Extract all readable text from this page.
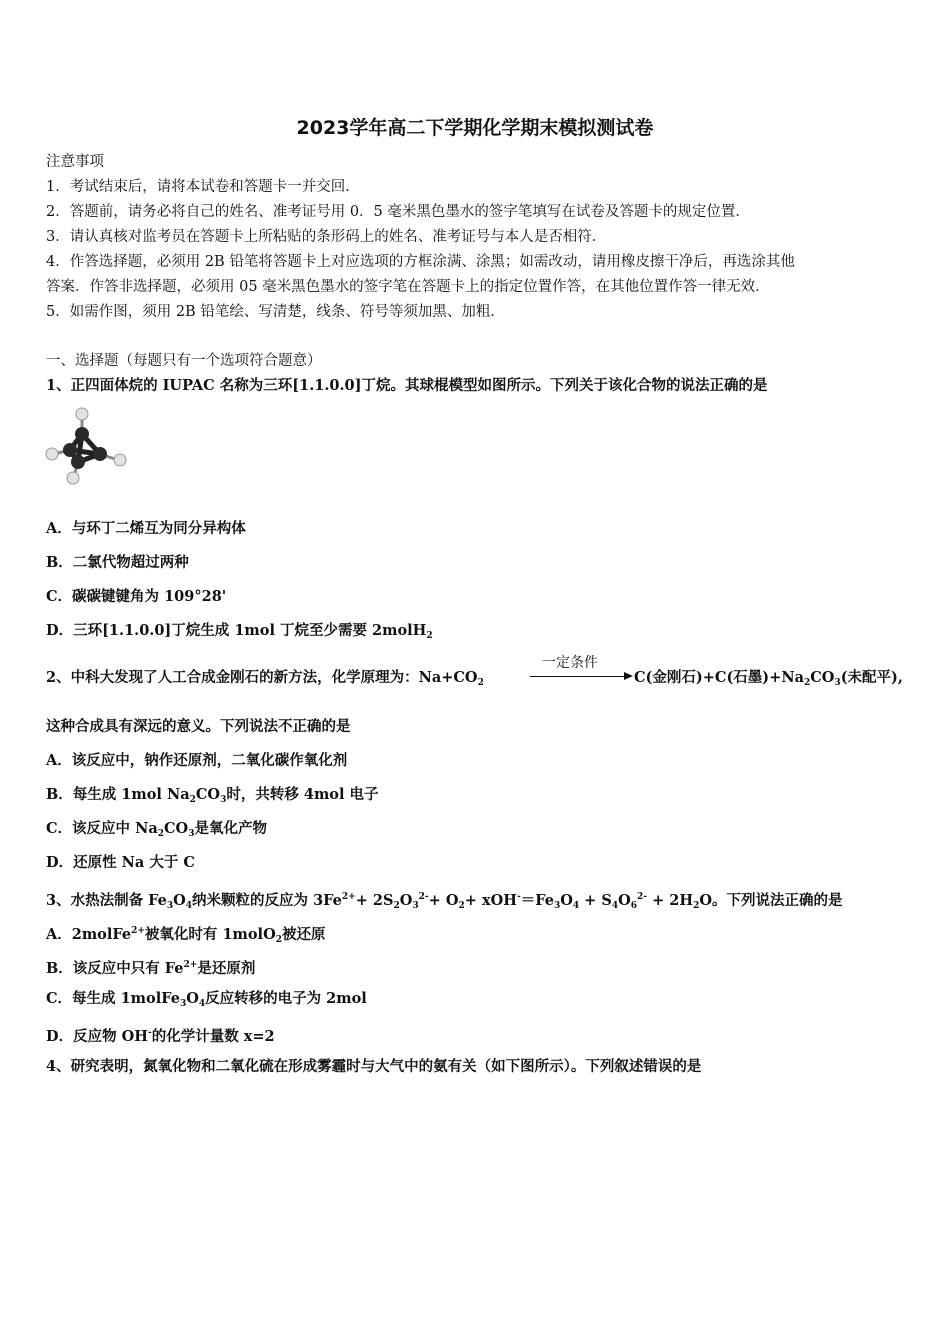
2023学年高二下学期化学期末模拟测试卷
注意事项
1．考试结束后，请将本试卷和答题卡一并交回．
2．答题前，请务必将自己的姓名、准考证号用 0．5 毫米黑色墨水的签字笔填写在试卷及答题卡的规定位置．
3．请认真核对监考员在答题卡上所粘贴的条形码上的姓名、准考证号与本人是否相符．
4．作答选择题，必须用 2B 铅笔将答题卡上对应选项的方框涂满、涂黑；如需改动，请用橡皮擦干净后，再选涂其他
答案．作答非选择题，必须用 05 毫米黑色墨水的签字笔在答题卡上的指定位置作答，在其他位置作答一律无效．
5．如需作图，须用 2B 铅笔绘、写清楚，线条、符号等须加黑、加粗．
一、选择题（每题只有一个选项符合题意）
1、正四面体烷的 IUPAC 名称为三环[1.1.0.0]丁烷。其球棍模型如图所示。下列关于该化合物的说法正确的是
A．与环丁二烯互为同分异构体
B．二氯代物超过两种
C．碳碳键键角为 109°28'
D．三环[1.1.0.0]丁烷生成 1mol 丁烷至少需要 2molH$_2$
2、中科大发现了人工合成金刚石的新方法，化学原理为：$Na+CO_2$
一定条件
C(金刚石)+C(石墨)$+Na_2CO_3$(未配平),
这种合成具有深远的意义。下列说法不正确的是
A．该反应中，钠作还原剂，二氧化碳作氧化剂
B．每生成 1mol $Na_2CO_3$时，共转移 4mol 电子
C．该反应中 $Na_2CO_3$是氧化产物
D．还原性 Na 大于 C
3、水热法制备 $Fe_3O_4$纳米颗粒的反应为 $3Fe^{2+}+ 2S_2O_3^{2-}+ O_2+ xOH^-=Fe_3O_4 + S_4O_6^{2-} + 2H_2O$。下列说法正确的是
A．2molFe$^{2+}$被氧化时有 1molO$_2$被还原
B．该反应中只有 $Fe^{2+}$是还原剂
C．每生成 $1molFe_3O_4$反应转移的电子为 2mol
D．反应物 OH-的化学计量数 x=2
4、研究表明，氮氧化物和二氧化硫在形成雾霾时与大气中的氨有关（如下图所示）。下列叙述错误的是
